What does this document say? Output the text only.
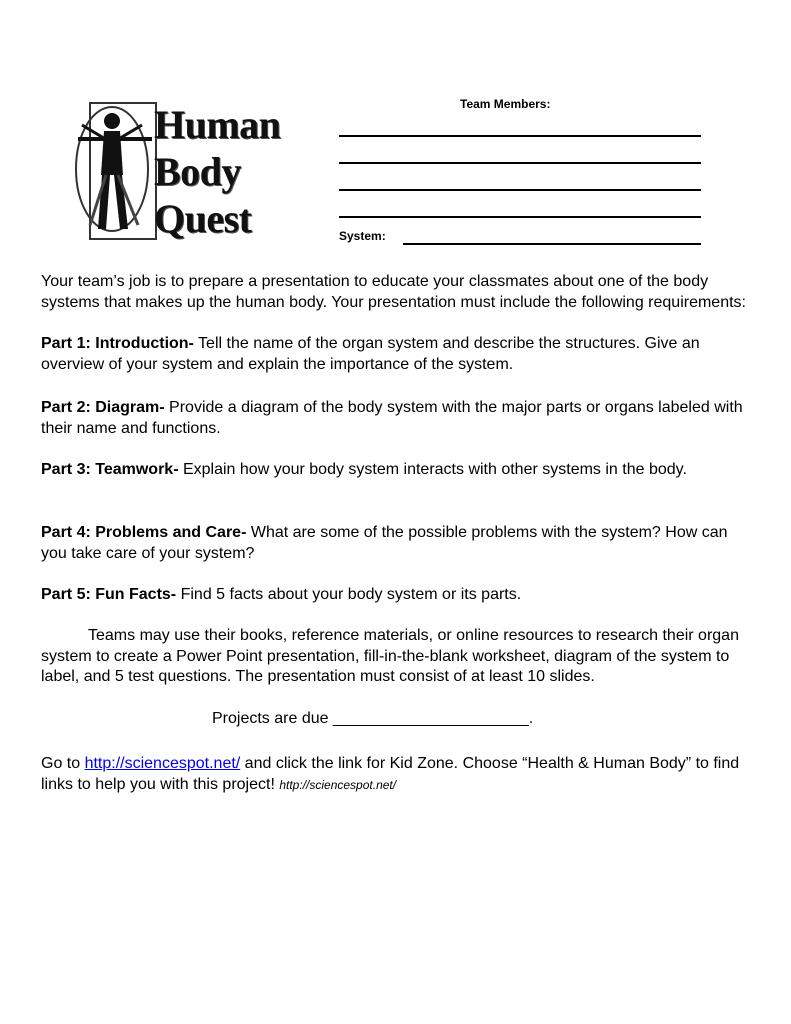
Human
Body
Quest
Team Members:
System:

Your team’s job is to prepare a presentation to educate your classmates about one of the body systems that makes up the human body. Your presentation must include the following requirements:

Part 1: Introduction- Tell the name of the organ system and describe the structures. Give an overview of your system and explain the importance of the system.

Part 2: Diagram- Provide a diagram of the body system with the major parts or organs labeled with their name and functions.

Part 3: Teamwork- Explain how your body system interacts with other systems in the body.

Part 4: Problems and Care- What are some of the possible problems with the system? How can you take care of your system?

Part 5: Fun Facts- Find 5 facts about your body system or its parts.

Teams may use their books, reference materials, or online resources to research their organ system to create a Power Point presentation, fill-in-the-blank worksheet, diagram of the system to label, and 5 test questions. The presentation must consist of at least 10 slides.

Projects are due ______________________.

Go to http://sciencespot.net/ and click the link for Kid Zone. Choose “Health & Human Body” to find links to help you with this project! http://sciencespot.net/
